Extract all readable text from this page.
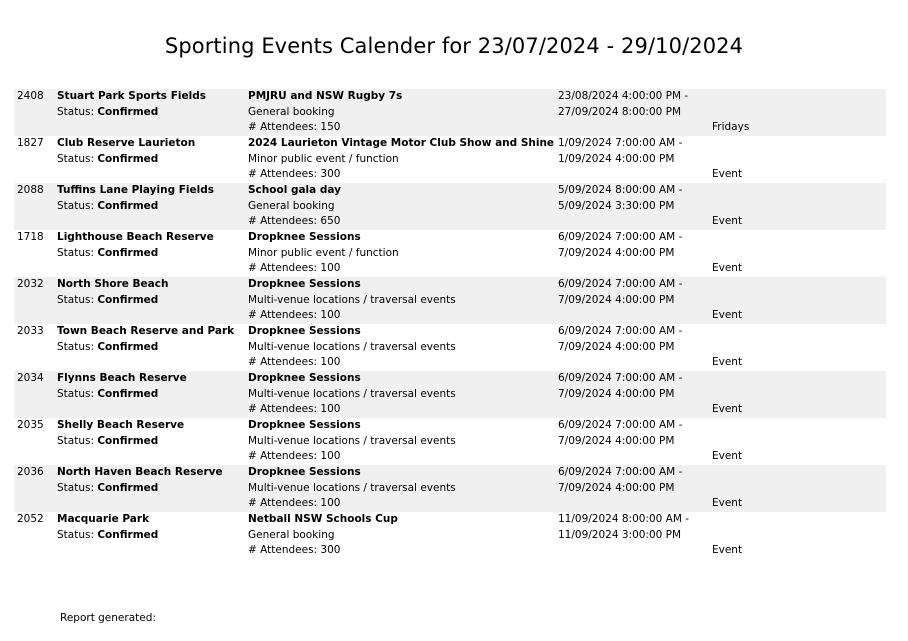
Sporting Events Calender for 23/07/2024 - 29/10/2024
2408 Stuart Park Sports Fields
Status: Confirmed
PMJRU and NSW Rugby 7s
General booking
# Attendees: 150
23/08/2024 4:00:00 PM -
27/09/2024 8:00:00 PM
Fridays
1827 Club Reserve Laurieton
Status: Confirmed
2024 Laurieton Vintage Motor Club Show and Shine
Minor public event / function
# Attendees: 300
1/09/2024 7:00:00 AM -
1/09/2024 4:00:00 PM
Event
2088 Tuffins Lane Playing Fields
Status: Confirmed
School gala day
General booking
# Attendees: 650
5/09/2024 8:00:00 AM -
5/09/2024 3:30:00 PM
Event
1718 Lighthouse Beach Reserve
Status: Confirmed
Dropknee Sessions
Minor public event / function
# Attendees: 100
6/09/2024 7:00:00 AM -
7/09/2024 4:00:00 PM
Event
2032 North Shore Beach
Status: Confirmed
Dropknee Sessions
Multi-venue locations / traversal events
# Attendees: 100
6/09/2024 7:00:00 AM -
7/09/2024 4:00:00 PM
Event
2033 Town Beach Reserve and Park
Status: Confirmed
Dropknee Sessions
Multi-venue locations / traversal events
# Attendees: 100
6/09/2024 7:00:00 AM -
7/09/2024 4:00:00 PM
Event
2034 Flynns Beach Reserve
Status: Confirmed
Dropknee Sessions
Multi-venue locations / traversal events
# Attendees: 100
6/09/2024 7:00:00 AM -
7/09/2024 4:00:00 PM
Event
2035 Shelly Beach Reserve
Status: Confirmed
Dropknee Sessions
Multi-venue locations / traversal events
# Attendees: 100
6/09/2024 7:00:00 AM -
7/09/2024 4:00:00 PM
Event
2036 North Haven Beach Reserve
Status: Confirmed
Dropknee Sessions
Multi-venue locations / traversal events
# Attendees: 100
6/09/2024 7:00:00 AM -
7/09/2024 4:00:00 PM
Event
2052 Macquarie Park
Status: Confirmed
Netball NSW Schools Cup
General booking
# Attendees: 300
11/09/2024 8:00:00 AM -
11/09/2024 3:00:00 PM
Event
Report generated:
